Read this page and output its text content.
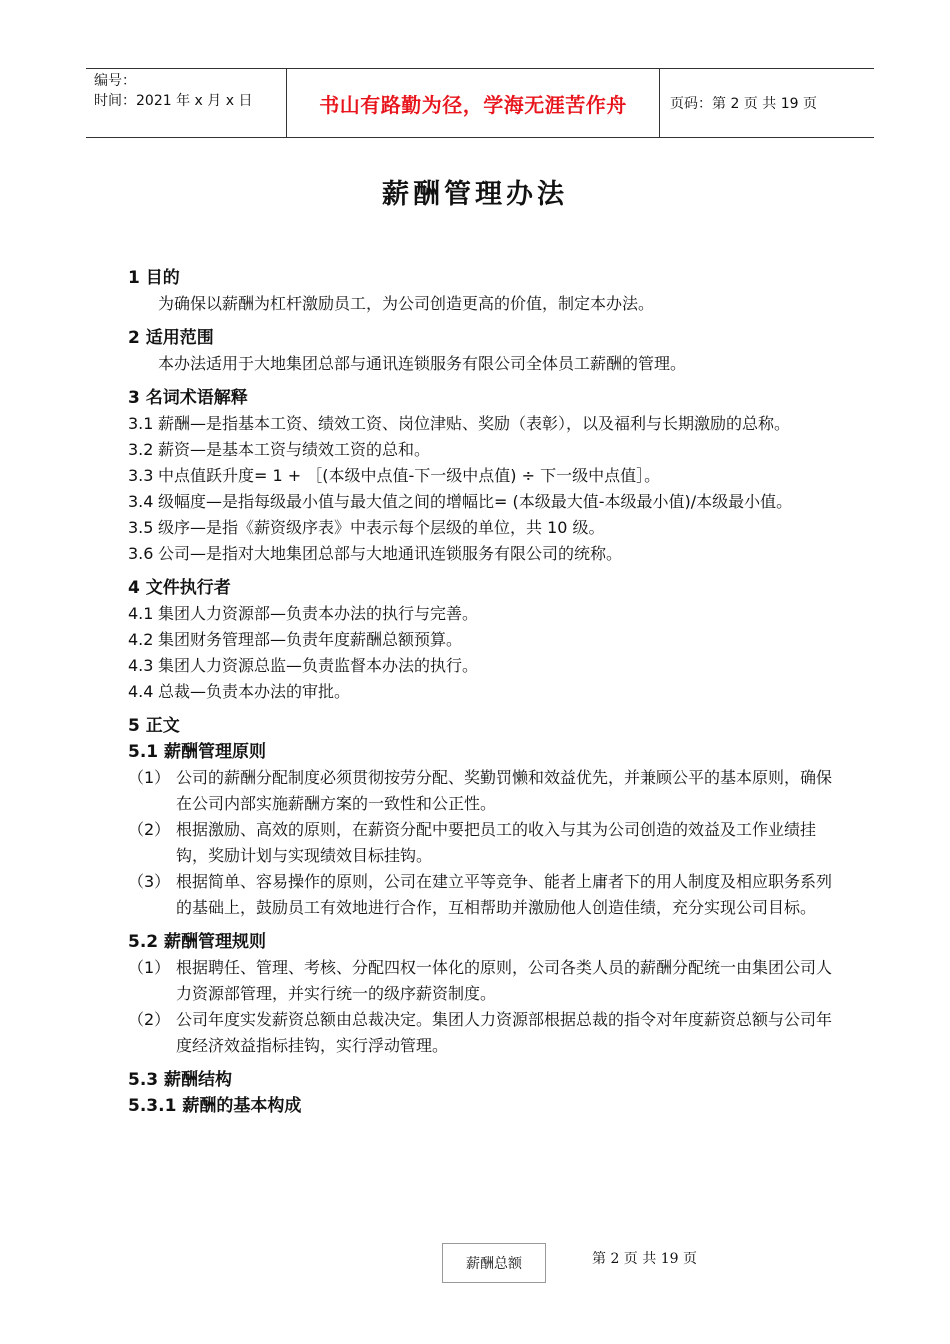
编号：
时间：2021 年 x 月 x 日	书山有路勤为径，学海无涯苦作舟	页码：第 2 页 共 19 页
薪酬管理办法
1 目的
为确保以薪酬为杠杆激励员工，为公司创造更高的价值，制定本办法。
2 适用范围
本办法适用于大地集团总部与通讯连锁服务有限公司全体员工薪酬的管理。
3 名词术语解释
3.1 薪酬—是指基本工资、绩效工资、岗位津贴、奖励（表彰），以及福利与长期激励的总称。
3.2 薪资—是基本工资与绩效工资的总和。
3.3 中点值跃升度= 1 + ［(本级中点值-下一级中点值) ÷ 下一级中点值］。
3.4 级幅度—是指每级最小值与最大值之间的增幅比= (本级最大值-本级最小值)/本级最小值。
3.5 级序—是指《薪资级序表》中表示每个层级的单位，共 10 级。
3.6 公司—是指对大地集团总部与大地通讯连锁服务有限公司的统称。
4 文件执行者
4.1 集团人力资源部—负责本办法的执行与完善。
4.2 集团财务管理部—负责年度薪酬总额预算。
4.3 集团人力资源总监—负责监督本办法的执行。
4.4 总裁—负责本办法的审批。
5 正文
5.1 薪酬管理原则
（1） 公司的薪酬分配制度必须贯彻按劳分配、奖勤罚懒和效益优先，并兼顾公平的基本原则，确保在公司内部实施薪酬方案的一致性和公正性。
（2） 根据激励、高效的原则，在薪资分配中要把员工的收入与其为公司创造的效益及工作业绩挂钩，奖励计划与实现绩效目标挂钩。
（3） 根据简单、容易操作的原则，公司在建立平等竞争、能者上庸者下的用人制度及相应职务系列的基础上，鼓励员工有效地进行合作，互相帮助并激励他人创造佳绩，充分实现公司目标。
5.2 薪酬管理规则
（1） 根据聘任、管理、考核、分配四权一体化的原则，公司各类人员的薪酬分配统一由集团公司人力资源部管理，并实行统一的级序薪资制度。
（2） 公司年度实发薪资总额由总裁决定。集团人力资源部根据总裁的指令对年度薪资总额与公司年度经济效益指标挂钩，实行浮动管理。
5.3 薪酬结构
5.3.1 薪酬的基本构成
薪酬总额	第 2 页 共 19 页
